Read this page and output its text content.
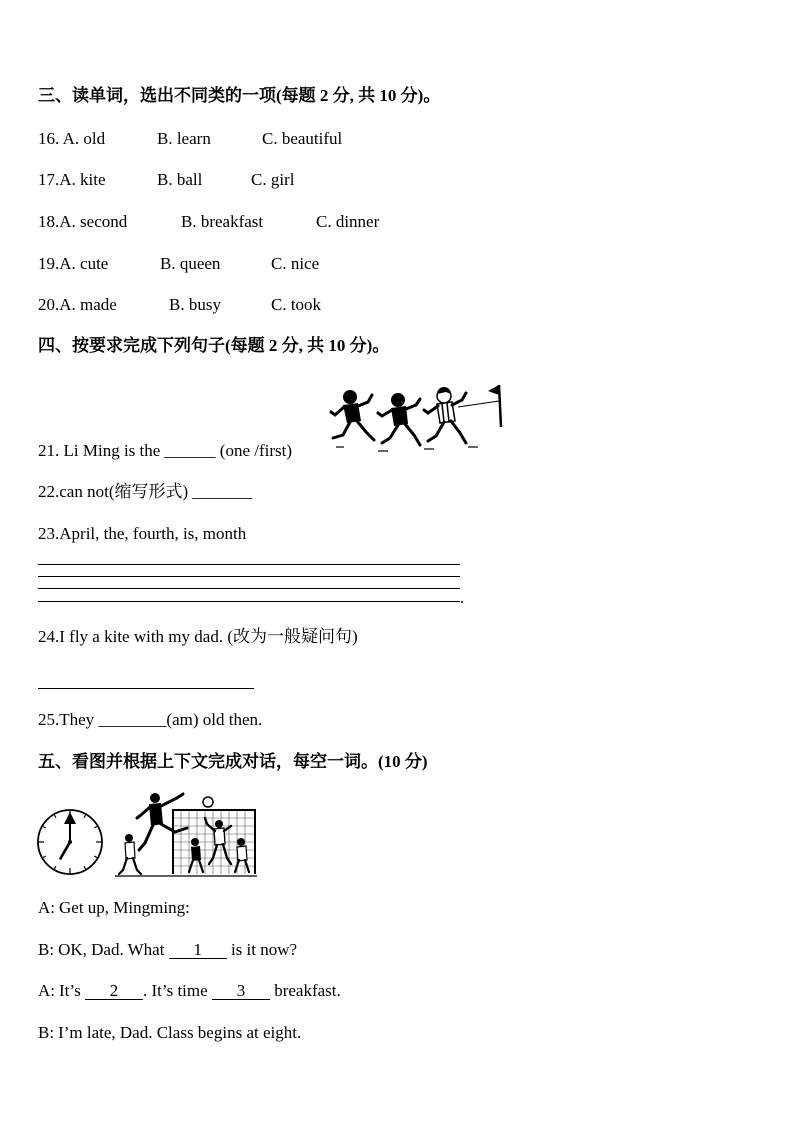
三、读单词，选出不同类的一项(每题 2 分, 共 10 分)。
16. A. old	B. learn	C. beautiful
17.A. kite	B. ball	C. girl
18.A. second	B. breakfast	C. dinner
19.A. cute	B. queen	C. nice
20.A. made	B. busy	C. took
四、按要求完成下列句子(每题 2 分, 共 10 分)。
21. Li Ming is the ______ (one /first)
22.can not(缩写形式) _______
23.April, the, fourth, is, month
.
24.I fly a kite with my dad. (改为一般疑问句)
25.They ________(am) old then.
五、看图并根据上下文完成对话，每空一词。(10 分)
A: Get up, Mingming:
B: OK, Dad. What 1 is it now?
A: It’s 2 . It’s time 3 breakfast.
B: I’m late, Dad. Class begins at eight.
